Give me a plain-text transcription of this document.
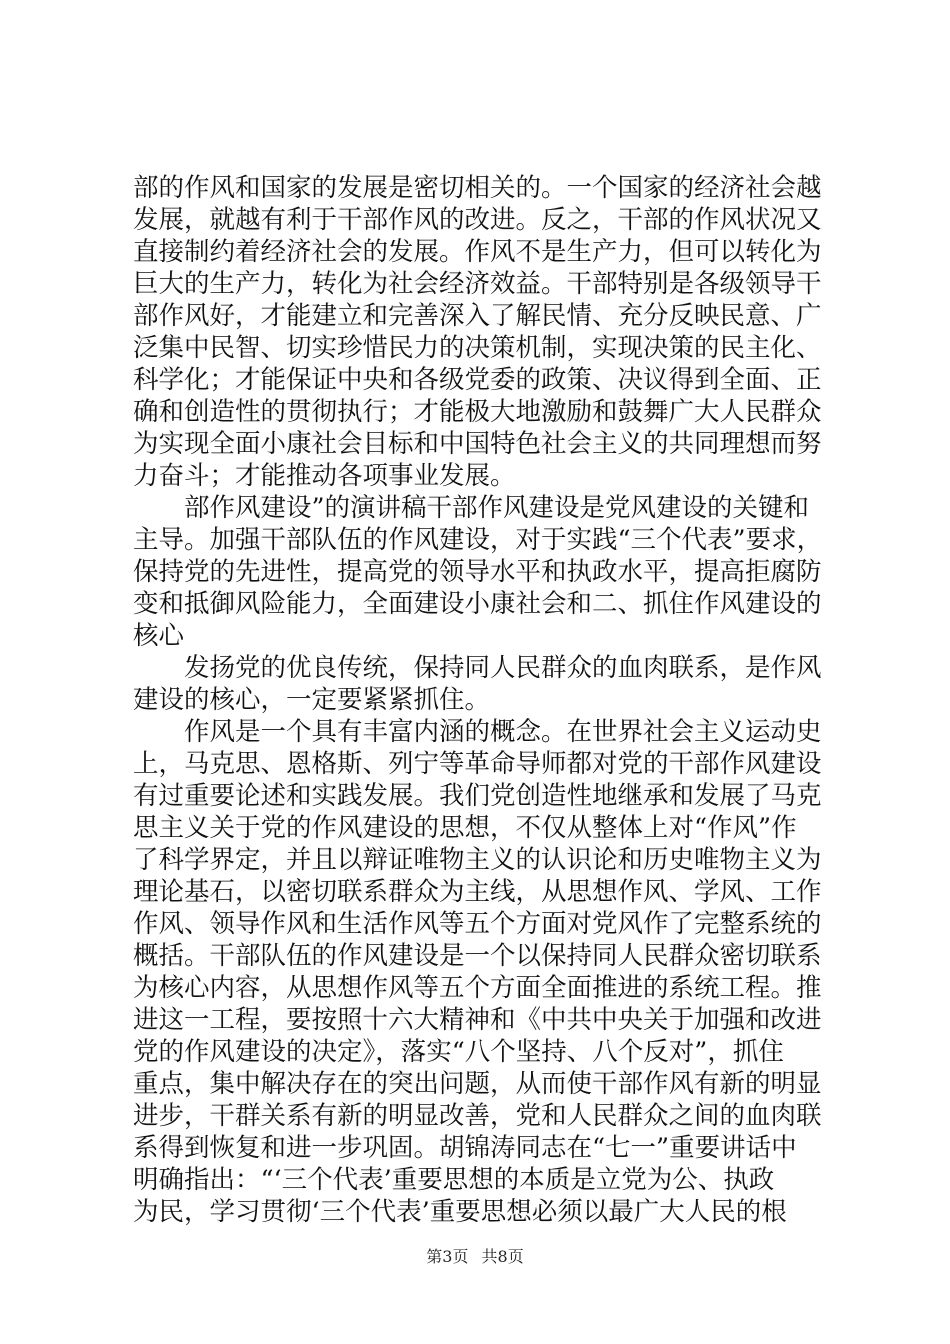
部的作风和国家的发展是密切相关的。一个国家的经济社会越
发展，就越有利于干部作风的改进。反之，干部的作风状况又
直接制约着经济社会的发展。作风不是生产力，但可以转化为
巨大的生产力，转化为社会经济效益。干部特别是各级领导干
部作风好，才能建立和完善深入了解民情、充分反映民意、广
泛集中民智、切实珍惜民力的决策机制，实现决策的民主化、
科学化；才能保证中央和各级党委的政策、决议得到全面、正
确和创造性的贯彻执行；才能极大地激励和鼓舞广大人民群众
为实现全面小康社会目标和中国特色社会主义的共同理想而努
力奋斗；才能推动各项事业发展。
部作风建设”的演讲稿干部作风建设是党风建设的关键和
主导。加强干部队伍的作风建设，对于实践“三个代表”要求，
保持党的先进性，提高党的领导水平和执政水平，提高拒腐防
变和抵御风险能力，全面建设小康社会和二、抓住作风建设的
核心
发扬党的优良传统，保持同人民群众的血肉联系，是作风
建设的核心，一定要紧紧抓住。
作风是一个具有丰富内涵的概念。在世界社会主义运动史
上，马克思、恩格斯、列宁等革命导师都对党的干部作风建设
有过重要论述和实践发展。我们党创造性地继承和发展了马克
思主义关于党的作风建设的思想，不仅从整体上对“作风”作
了科学界定，并且以辩证唯物主义的认识论和历史唯物主义为
理论基石，以密切联系群众为主线，从思想作风、学风、工作
作风、领导作风和生活作风等五个方面对党风作了完整系统的
概括。干部队伍的作风建设是一个以保持同人民群众密切联系
为核心内容，从思想作风等五个方面全面推进的系统工程。推
进这一工程，要按照十六大精神和《中共中央关于加强和改进
党的作风建设的决定》，落实“八个坚持、八个反对”，抓住
重点，集中解决存在的突出问题，从而使干部作风有新的明显
进步，干群关系有新的明显改善，党和人民群众之间的血肉联
系得到恢复和进一步巩固。胡锦涛同志在“七一”重要讲话中
明确指出：“‘三个代表’重要思想的本质是立党为公、执政
为民，学习贯彻‘三个代表’重要思想必须以最广大人民的根
第3页 共8页
